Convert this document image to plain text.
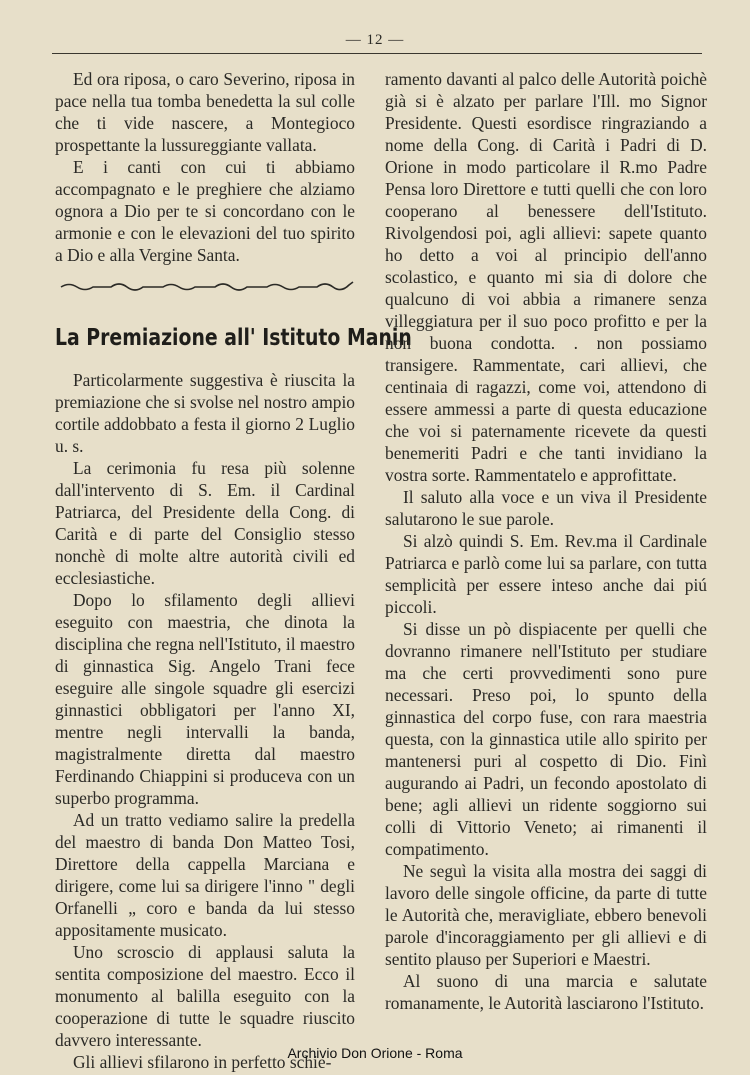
— 12 —

Ed ora riposa, o caro Severino, riposa in pace nella tua tomba benedetta la sul colle che ti vide nascere, a Montegioco prospettante la lussureggiante vallata.

E i canti con cui ti abbiamo accompagnato e le preghiere che alziamo ognora a Dio per te si concordano con le armonie e con le elevazioni del tuo spirito a Dio e alla Vergine Santa.

La Premiazione all' Istituto Manin

Particolarmente suggestiva è riuscita la premiazione che si svolse nel nostro ampio cortile addobbato a festa il giorno 2 Luglio u. s.

La cerimonia fu resa più solenne dall'intervento di S. Em. il Cardinal Patriarca, del Presidente della Cong. di Carità e di parte del Consiglio stesso nonchè di molte altre autorità civili ed ecclesiastiche.

Dopo lo sfilamento degli allievi eseguito con maestria, che dinota la disciplina che regna nell'Istituto, il maestro di ginnastica Sig. Angelo Trani fece eseguire alle singole squadre gli esercizi ginnastici obbligatori per l'anno XI, mentre negli intervalli la banda, magistralmente diretta dal maestro Ferdinando Chiappini si produceva con un superbo programma.

Ad un tratto vediamo salire la predella del maestro di banda Don Matteo Tosi, Direttore della cappella Marciana e dirigere, come lui sa dirigere l'inno " degli Orfanelli „ coro e banda da lui stesso appositamente musicato.

Uno scroscio di applausi saluta la sentita composizione del maestro. Ecco il monumento al balilla eseguito con la cooperazione di tutte le squadre riuscito davvero interessante.

Gli allievi sfilarono in perfetto schie-

ramento davanti al palco delle Autorità poichè già si è alzato per parlare l'Ill. mo Signor Presidente. Questi esordisce ringraziando a nome della Cong. di Carità i Padri di D. Orione in modo particolare il R.mo Padre Pensa loro Direttore e tutti quelli che con loro cooperano al benessere dell'Istituto. Rivolgendosi poi, agli allievi: sapete quanto ho detto a voi al principio dell'anno scolastico, e quanto mi sia di dolore che qualcuno di voi abbia a rimanere senza villeggiatura per il suo poco profitto e per la non buona condotta. . non possiamo transigere. Rammentate, cari allievi, che centinaia di ragazzi, come voi, attendono di essere ammessi a parte di questa educazione che voi si paternamente ricevete da questi benemeriti Padri e che tanti invidiano la vostra sorte. Rammentatelo e approfittate.

Il saluto alla voce e un viva il Presidente salutarono le sue parole.

Si alzò quindi S. Em. Rev.ma il Cardinale Patriarca e parlò come lui sa parlare, con tutta semplicità per essere inteso anche dai piú piccoli.

Si disse un pò dispiacente per quelli che dovranno rimanere nell'Istituto per studiare ma che certi provvedimenti sono pure necessari. Preso poi, lo spunto della ginnastica del corpo fuse, con rara maestria questa, con la ginnastica utile allo spirito per mantenersi puri al cospetto di Dio. Finì augurando ai Padri, un fecondo apostolato di bene; agli allievi un ridente soggiorno sui colli di Vittorio Veneto; ai rimanenti il compatimento.

Ne seguì la visita alla mostra dei saggi di lavoro delle singole officine, da parte di tutte le Autorità che, meravigliate, ebbero benevoli parole d'incoraggiamento per gli allievi e di sentito plauso per Superiori e Maestri.

Al suono di una marcia e salutate romanamente, le Autorità lasciarono l'Istituto.

Archivio Don Orione - Roma
